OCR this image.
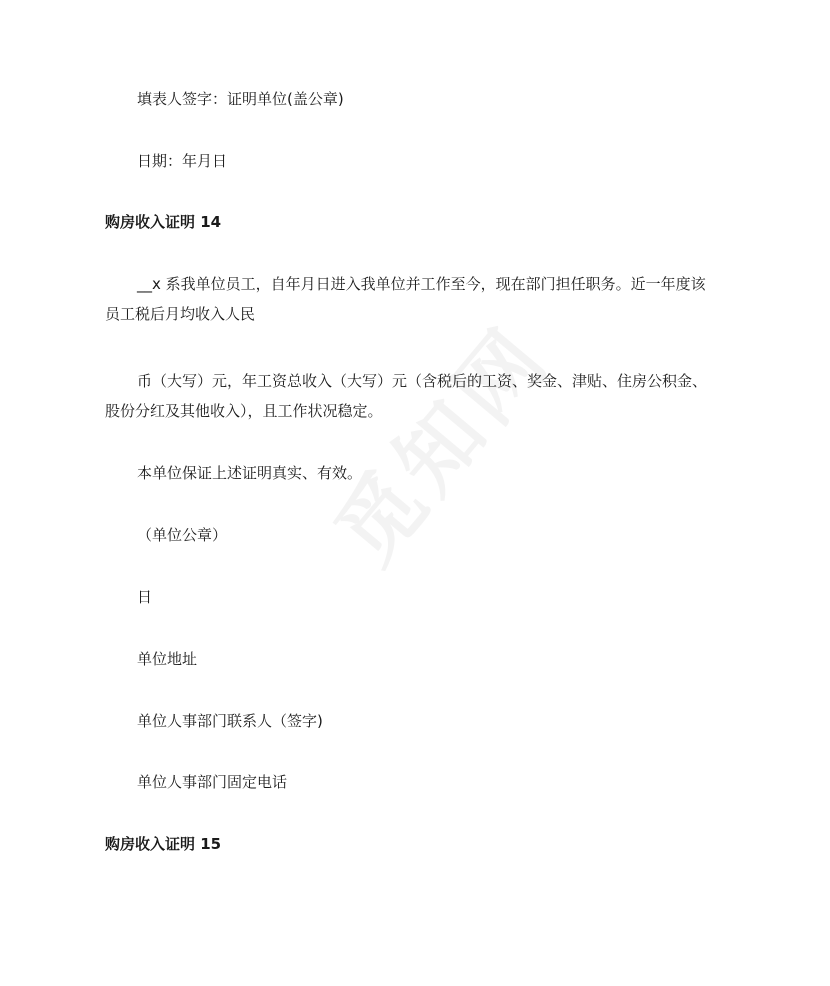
填表人签字：证明单位(盖公章)
日期：年月日
购房收入证明 14
__x 系我单位员工，自年月日进入我单位并工作至今，现在部门担任职务。近一年度该
员工税后月均收入人民
币（大写）元，年工资总收入（大写）元（含税后的工资、奖金、津贴、住房公积金、
股份分红及其他收入），且工作状况稳定。
本单位保证上述证明真实、有效。
（单位公章）
日
单位地址
单位人事部门联系人（签字)
单位人事部门固定电话
购房收入证明 15
